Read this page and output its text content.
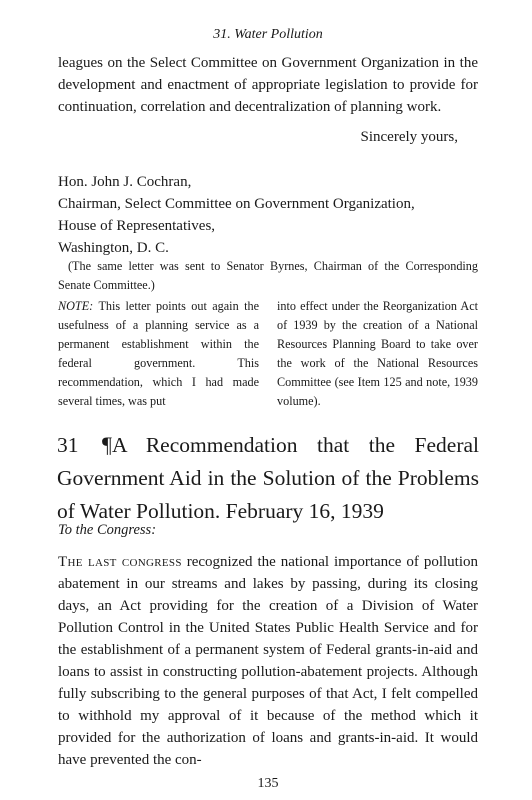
31. Water Pollution
leagues on the Select Committee on Government Organization in the development and enactment of appropriate legislation to provide for continuation, correlation and decentralization of planning work.
Sincerely yours,
Hon. John J. Cochran,
Chairman, Select Committee on Government Organization,
House of Representatives,
Washington, D. C.
(The same letter was sent to Senator Byrnes, Chairman of the Corresponding Senate Committee.)
NOTE: This letter points out again the usefulness of a planning service as a permanent establishment within the federal government. This recommendation, which I had made several times, was put
into effect under the Reorganization Act of 1939 by the creation of a National Resources Planning Board to take over the work of the National Resources Committee (see Item 125 and note, 1939 volume).
31 ¶A Recommendation that the Federal Government Aid in the Solution of the Problems of Water Pollution. February 16, 1939
To the Congress:
The last congress recognized the national importance of pollution abatement in our streams and lakes by passing, during its closing days, an Act providing for the creation of a Division of Water Pollution Control in the United States Public Health Service and for the establishment of a permanent system of Federal grants-in-aid and loans to assist in constructing pollution-abatement projects. Although fully subscribing to the general purposes of that Act, I felt compelled to withhold my approval of it because of the method which it provided for the authorization of loans and grants-in-aid. It would have prevented the con-
135
